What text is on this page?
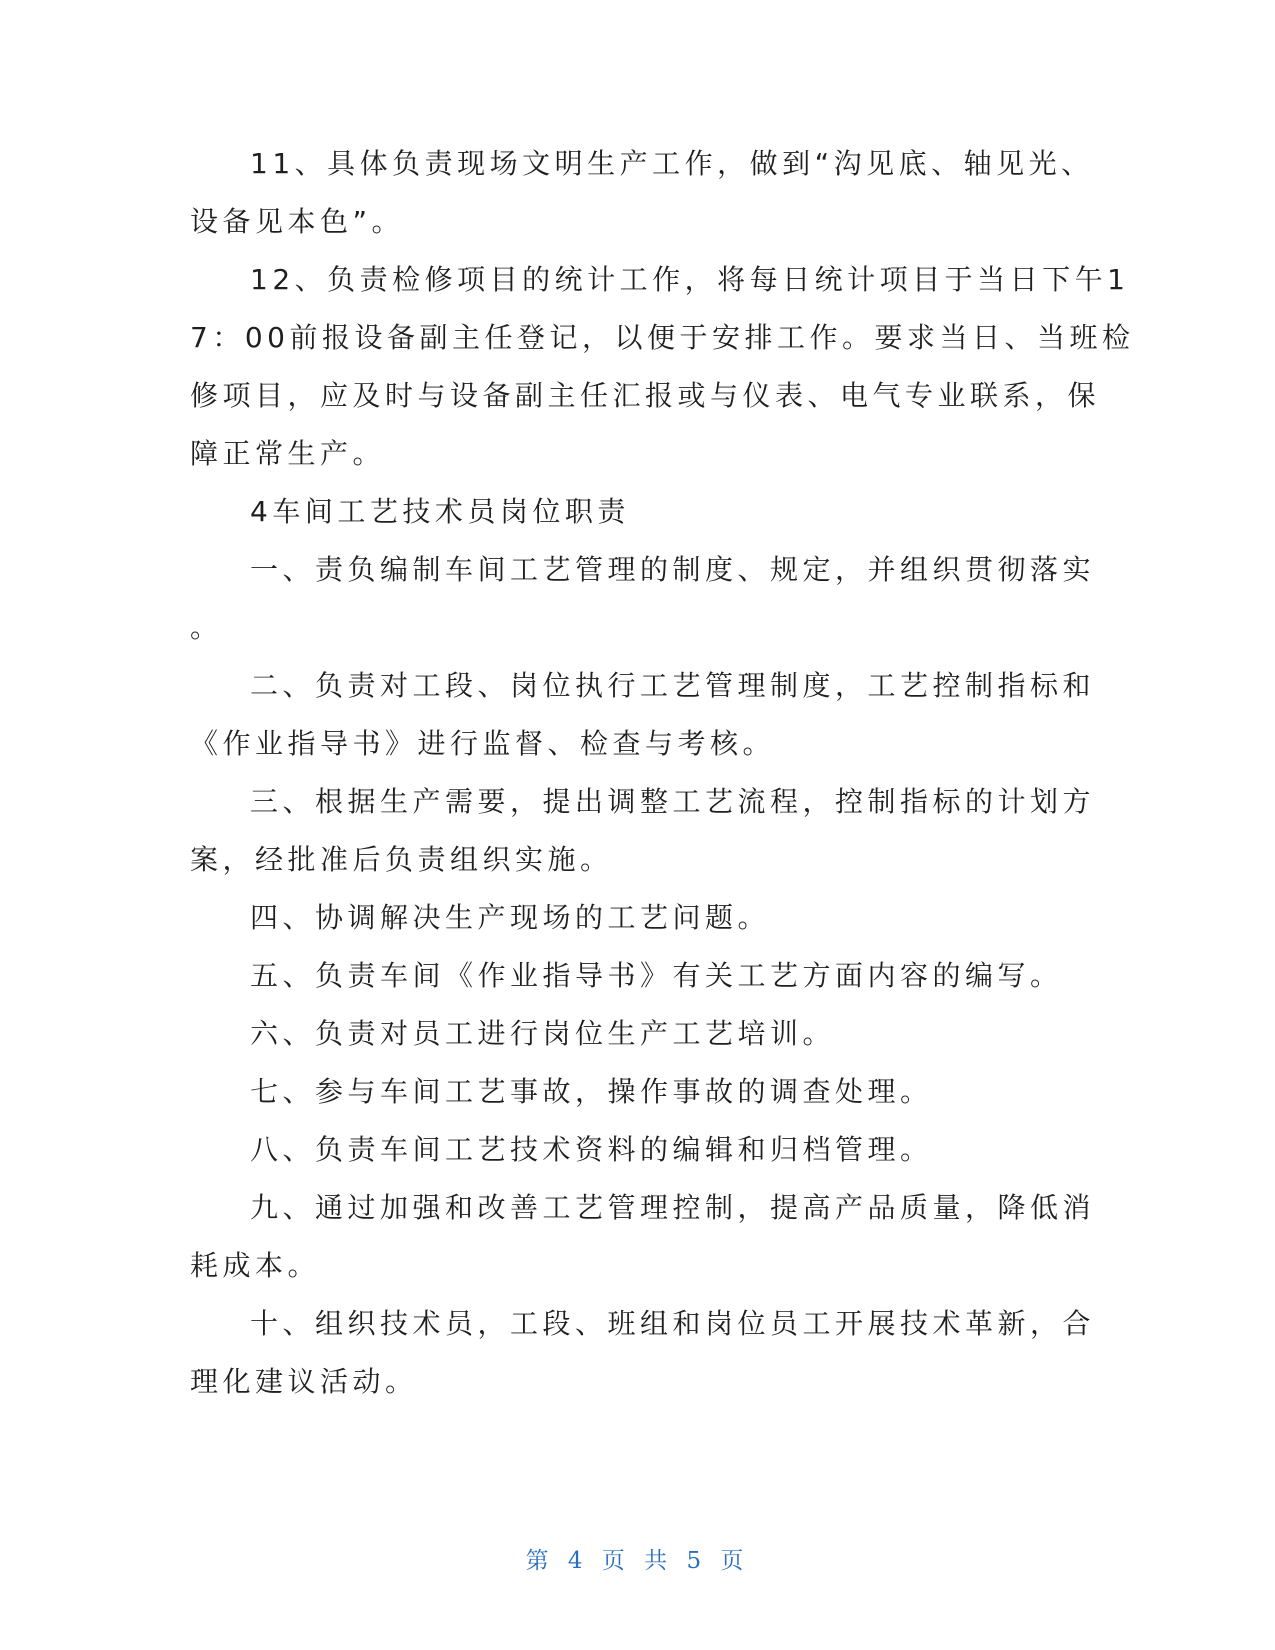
11、具体负责现场文明生产工作，做到“沟见底、轴见光、
设备见本色”。
12、负责检修项目的统计工作，将每日统计项目于当日下午1
7：00前报设备副主任登记，以便于安排工作。要求当日、当班检
修项目，应及时与设备副主任汇报或与仪表、电气专业联系，保
障正常生产。
4车间工艺技术员岗位职责
一、责负编制车间工艺管理的制度、规定，并组织贯彻落实
。
二、负责对工段、岗位执行工艺管理制度，工艺控制指标和
《作业指导书》进行监督、检查与考核。
三、根据生产需要，提出调整工艺流程，控制指标的计划方
案，经批准后负责组织实施。
四、协调解决生产现场的工艺问题。
五、负责车间《作业指导书》有关工艺方面内容的编写。
六、负责对员工进行岗位生产工艺培训。
七、参与车间工艺事故，操作事故的调查处理。
八、负责车间工艺技术资料的编辑和归档管理。
九、通过加强和改善工艺管理控制，提高产品质量，降低消
耗成本。
十、组织技术员，工段、班组和岗位员工开展技术革新，合
理化建议活动。
第 4 页 共 5 页
